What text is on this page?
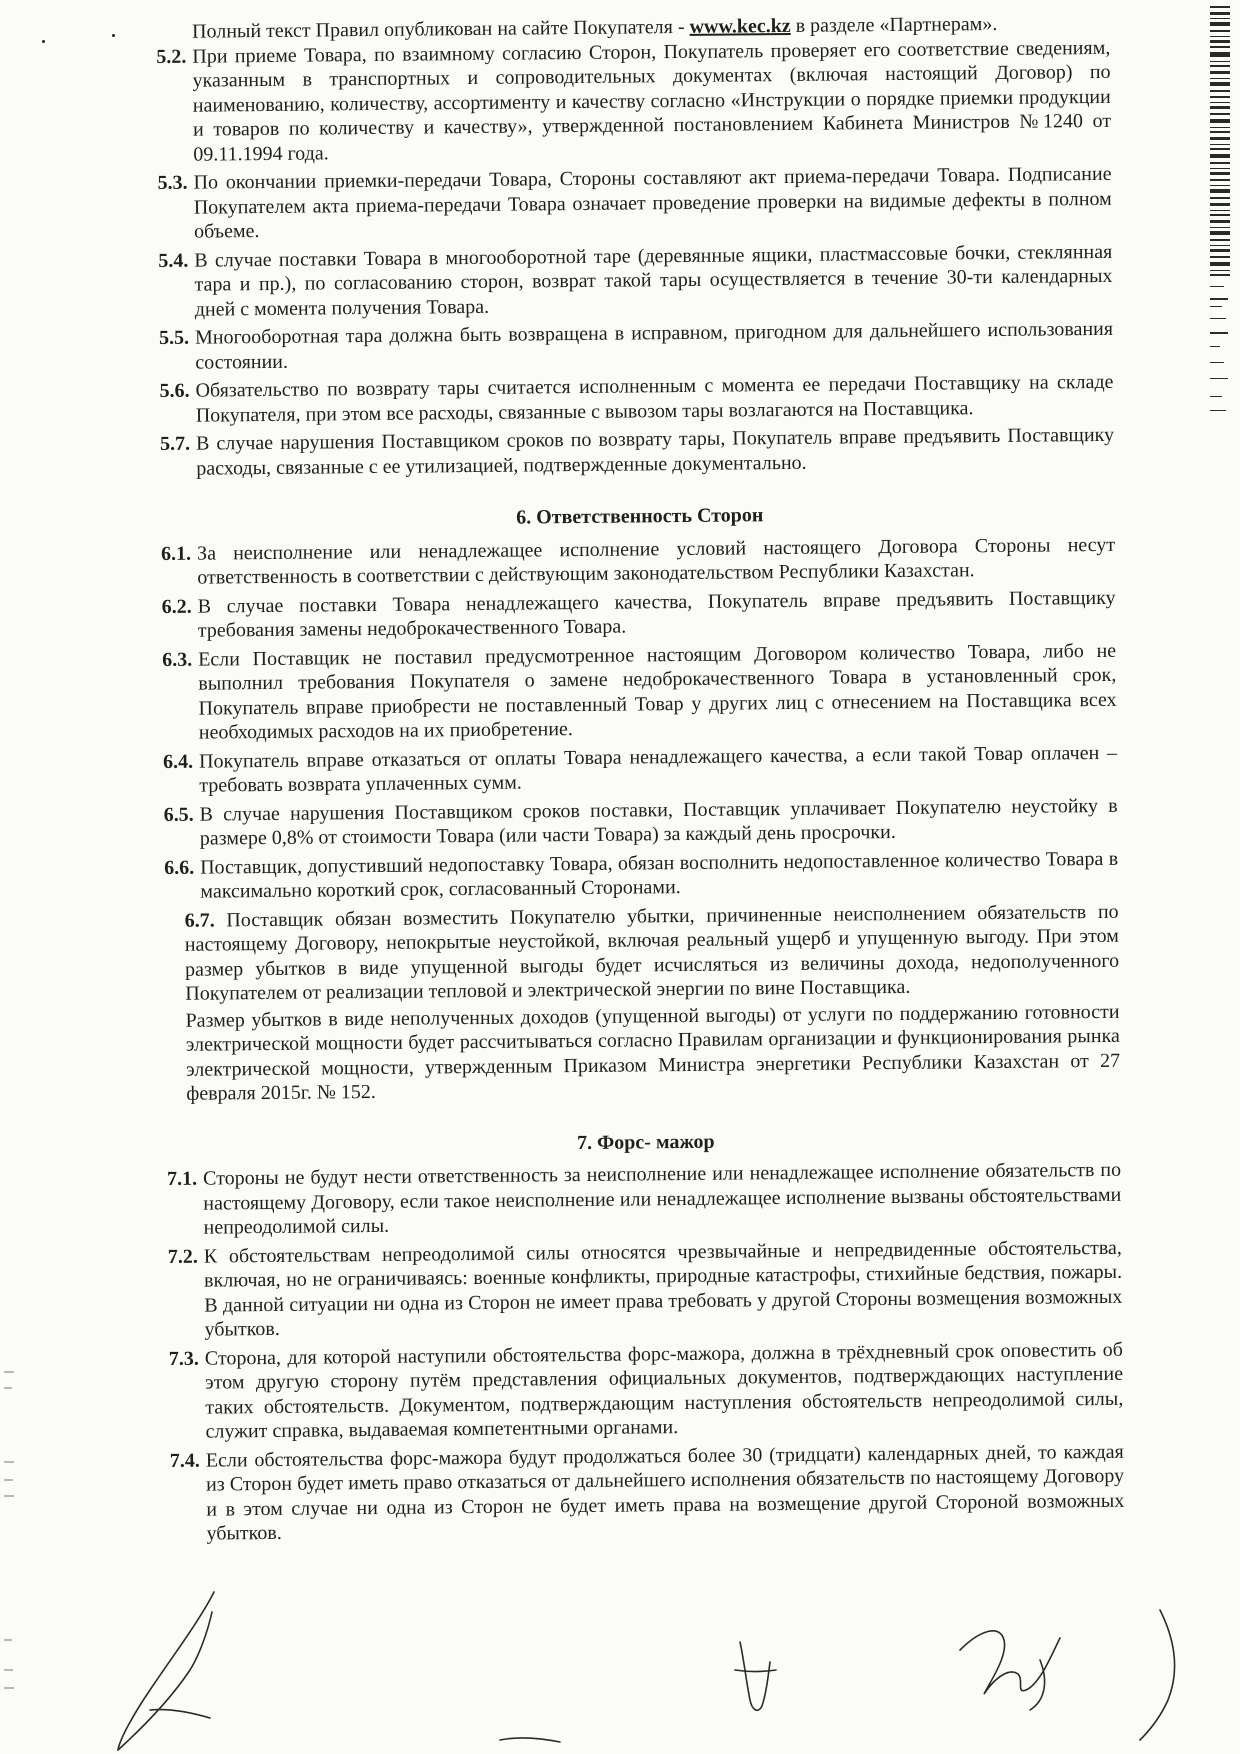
Полный текст Правил опубликован на сайте Покупателя - www.kec.kz в разделе «Партнерам».
5.2. При приеме Товара, по взаимному согласию Сторон, Покупатель проверяет его соответствие сведениям, указанным в транспортных и сопроводительных документах (включая настоящий Договор) по наименованию, количеству, ассортименту и качеству согласно «Инструкции о порядке приемки продукции и товаров по количеству и качеству», утвержденной постановлением Кабинета Министров №1240 от 09.11.1994 года.
5.3. По окончании приемки-передачи Товара, Стороны составляют акт приема-передачи Товара. Подписание Покупателем акта приема-передачи Товара означает проведение проверки на видимые дефекты в полном объеме.
5.4. В случае поставки Товара в многооборотной таре (деревянные ящики, пластмассовые бочки, стеклянная тара и пр.), по согласованию сторон, возврат такой тары осуществляется в течение 30-ти календарных дней с момента получения Товара.
5.5. Многооборотная тара должна быть возвращена в исправном, пригодном для дальнейшего использования состоянии.
5.6. Обязательство по возврату тары считается исполненным с момента ее передачи Поставщику на складе Покупателя, при этом все расходы, связанные с вывозом тары возлагаются на Поставщика.
5.7. В случае нарушения Поставщиком сроков по возврату тары, Покупатель вправе предъявить Поставщику расходы, связанные с ее утилизацией, подтвержденные документально.
6. Ответственность Сторон
6.1. За неисполнение или ненадлежащее исполнение условий настоящего Договора Стороны несут ответственность в соответствии с действующим законодательством Республики Казахстан.
6.2. В случае поставки Товара ненадлежащего качества, Покупатель вправе предъявить Поставщику требования замены недоброкачественного Товара.
6.3. Если Поставщик не поставил предусмотренное настоящим Договором количество Товара, либо не выполнил требования Покупателя о замене недоброкачественного Товара в установленный срок, Покупатель вправе приобрести не поставленный Товар у других лиц с отнесением на Поставщика всех необходимых расходов на их приобретение.
6.4. Покупатель вправе отказаться от оплаты Товара ненадлежащего качества, а если такой Товар оплачен – требовать возврата уплаченных сумм.
6.5. В случае нарушения Поставщиком сроков поставки, Поставщик уплачивает Покупателю неустойку в размере 0,8% от стоимости Товара (или части Товара) за каждый день просрочки.
6.6. Поставщик, допустивший недопоставку Товара, обязан восполнить недопоставленное количество Товара в максимально короткий срок, согласованный Сторонами.
6.7. Поставщик обязан возместить Покупателю убытки, причиненные неисполнением обязательств по настоящему Договору, непокрытые неустойкой, включая реальный ущерб и упущенную выгоду. При этом размер убытков в виде упущенной выгоды будет исчисляться из величины дохода, недополученного Покупателем от реализации тепловой и электрической энергии по вине Поставщика.
Размер убытков в виде неполученных доходов (упущенной выгоды) от услуги по поддержанию готовности электрической мощности будет рассчитываться согласно Правилам организации и функционирования рынка электрической мощности, утвержденным Приказом Министра энергетики Республики Казахстан от 27 февраля 2015г. № 152.
7. Форс- мажор
7.1. Стороны не будут нести ответственность за неисполнение или ненадлежащее исполнение обязательств по настоящему Договору, если такое неисполнение или ненадлежащее исполнение вызваны обстоятельствами непреодолимой силы.
7.2. К обстоятельствам непреодолимой силы относятся чрезвычайные и непредвиденные обстоятельства, включая, но не ограничиваясь: военные конфликты, природные катастрофы, стихийные бедствия, пожары. В данной ситуации ни одна из Сторон не имеет права требовать у другой Стороны возмещения возможных убытков.
7.3. Сторона, для которой наступили обстоятельства форс-мажора, должна в трёхдневный срок оповестить об этом другую сторону путём представления официальных документов, подтверждающих наступление таких обстоятельств. Документом, подтверждающим наступления обстоятельств непреодолимой силы, служит справка, выдаваемая компетентными органами.
7.4. Если обстоятельства форс-мажора будут продолжаться более 30 (тридцати) календарных дней, то каждая из Сторон будет иметь право отказаться от дальнейшего исполнения обязательств по настоящему Договору и в этом случае ни одна из Сторон не будет иметь права на возмещение другой Стороной возможных убытков.
